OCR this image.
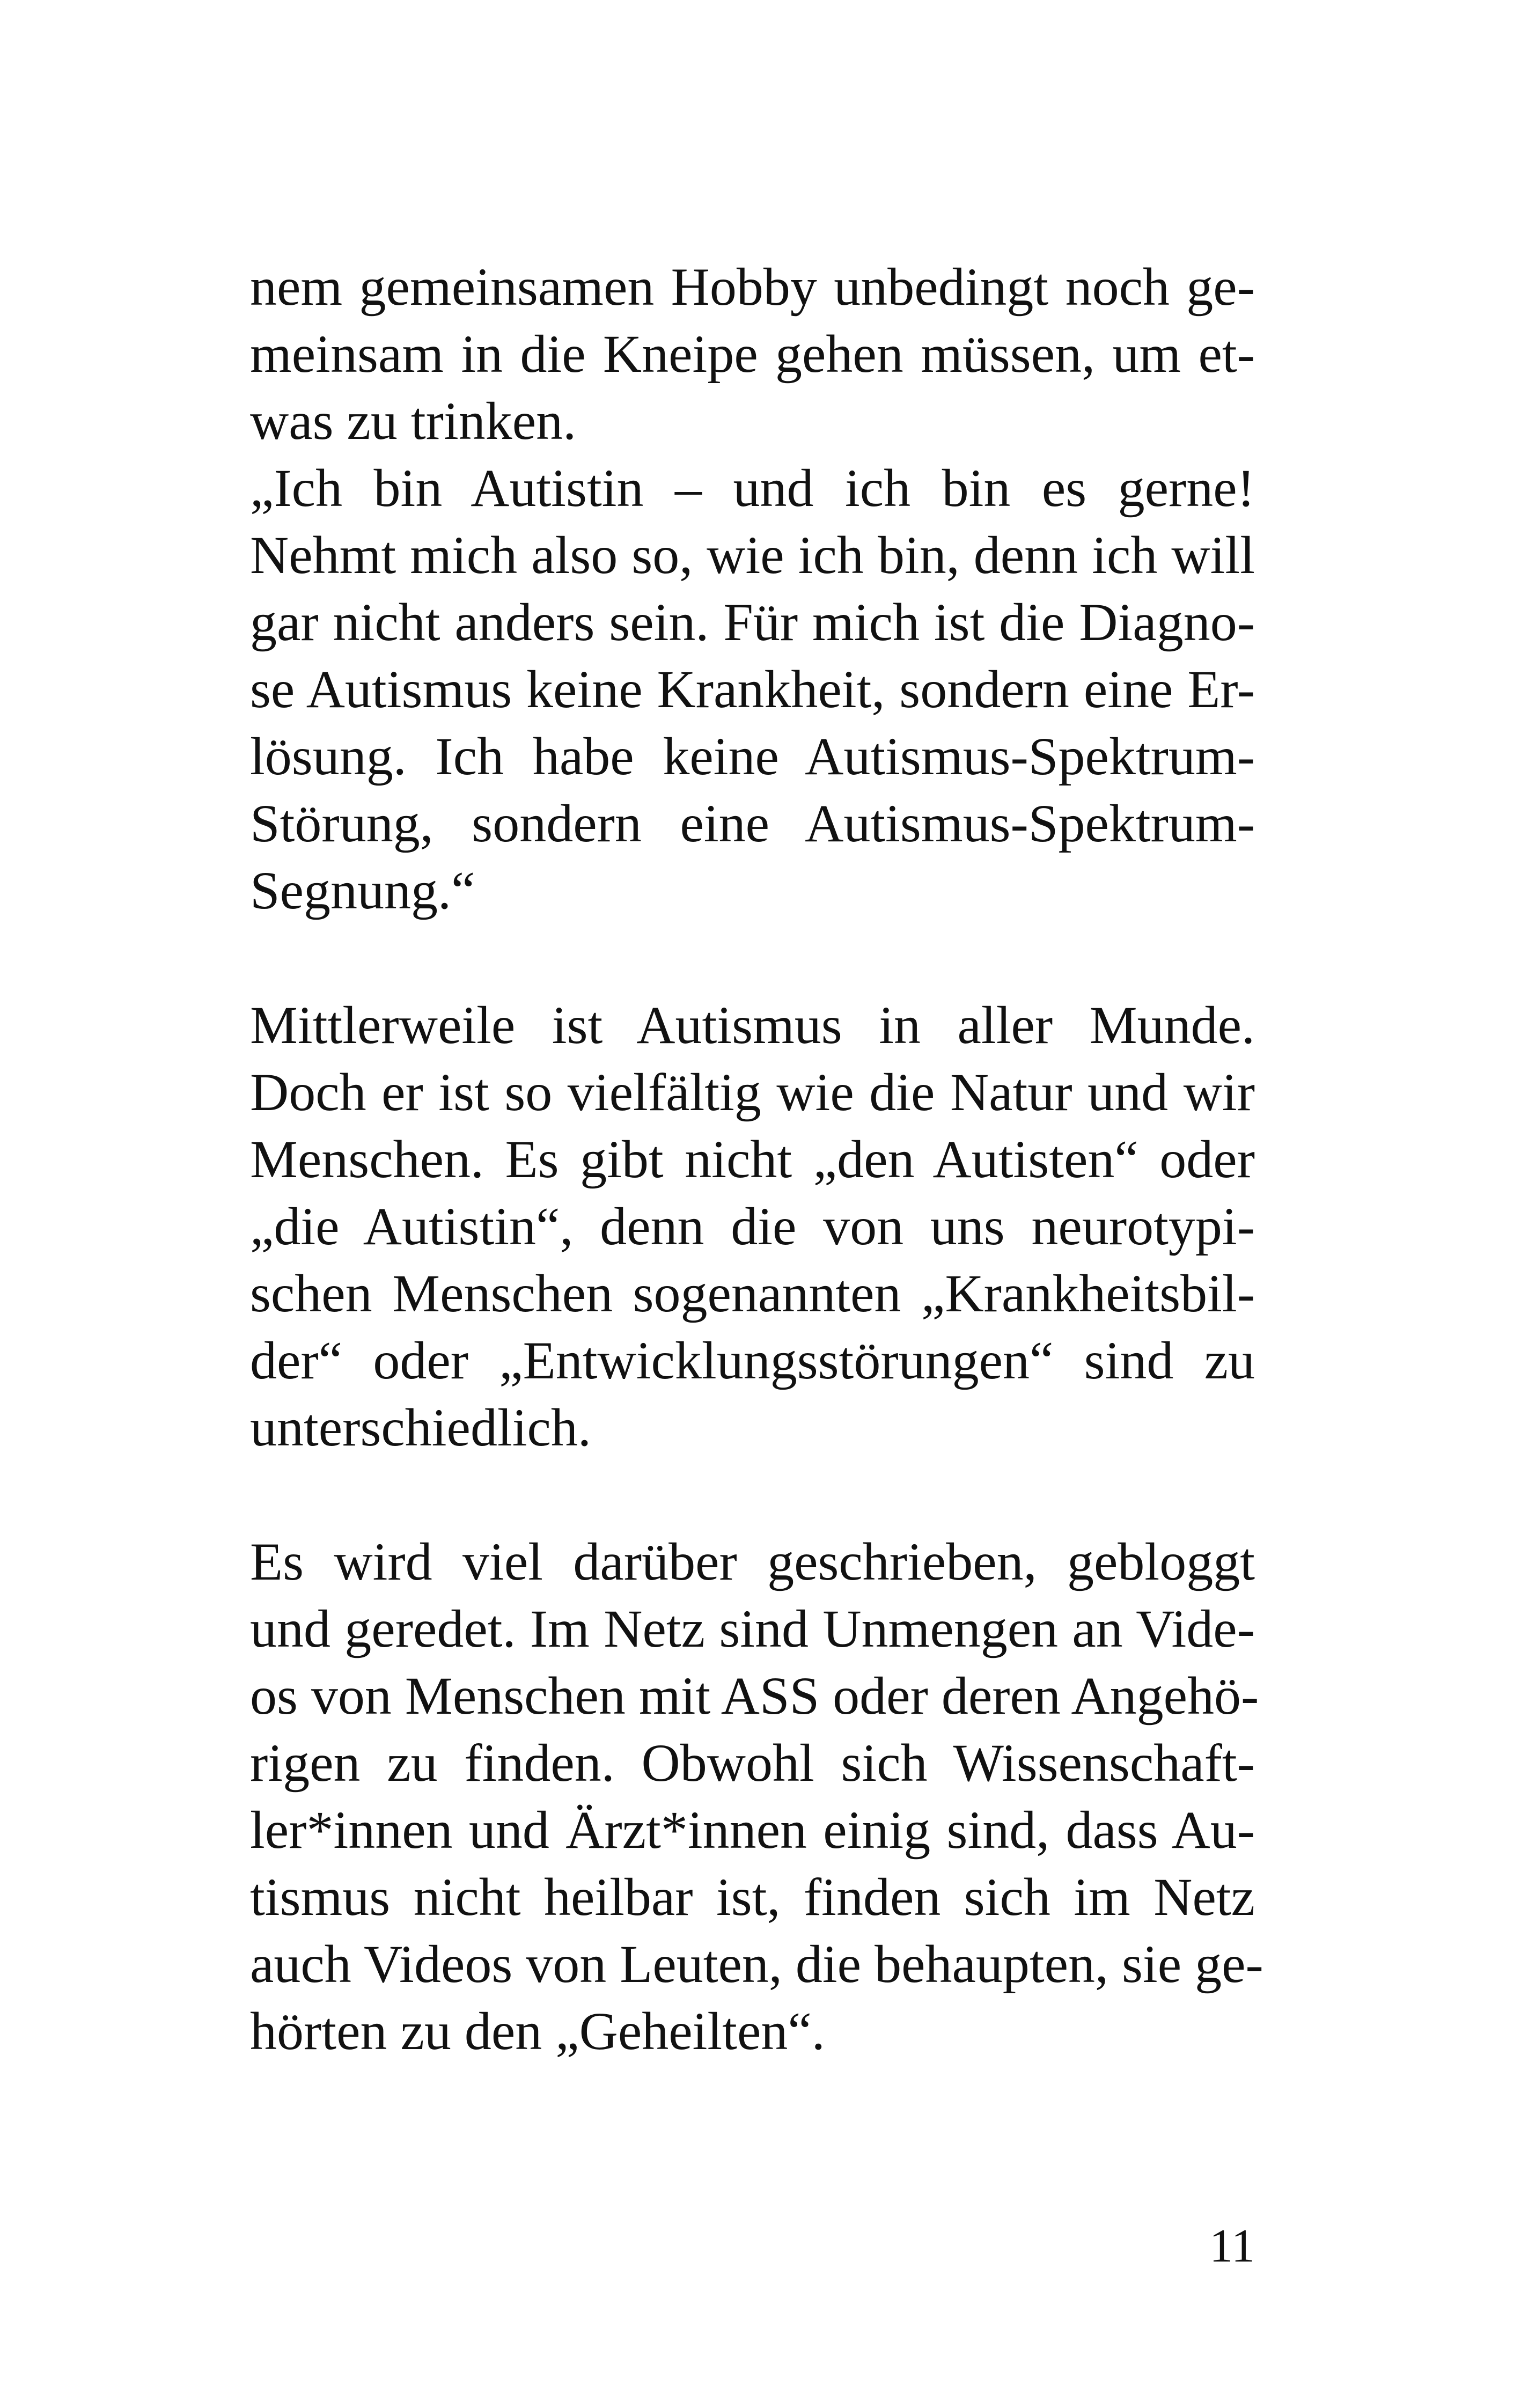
nem gemeinsamen Hobby unbedingt noch ge-
meinsam in die Kneipe gehen müssen, um et-
was zu trinken.
„Ich bin Autistin – und ich bin es gerne!
Nehmt mich also so, wie ich bin, denn ich will
gar nicht anders sein. Für mich ist die Diagno-
se Autismus keine Krankheit, sondern eine Er-
lösung. Ich habe keine Autismus-Spektrum-
Störung, sondern eine Autismus-Spektrum-
Segnung.“
Mittlerweile ist Autismus in aller Munde.
Doch er ist so vielfältig wie die Natur und wir
Menschen. Es gibt nicht „den Autisten“ oder
„die Autistin“, denn die von uns neurotypi-
schen Menschen sogenannten „Krankheitsbil-
der“ oder „Entwicklungsstörungen“ sind zu
unterschiedlich.
Es wird viel darüber geschrieben, gebloggt
und geredet. Im Netz sind Unmengen an Vide-
os von Menschen mit ASS oder deren Angehö-
rigen zu finden. Obwohl sich Wissenschaft-
ler*innen und Ärzt*innen einig sind, dass Au-
tismus nicht heilbar ist, finden sich im Netz
auch Videos von Leuten, die behaupten, sie ge-
hörten zu den „Geheilten“.
11
